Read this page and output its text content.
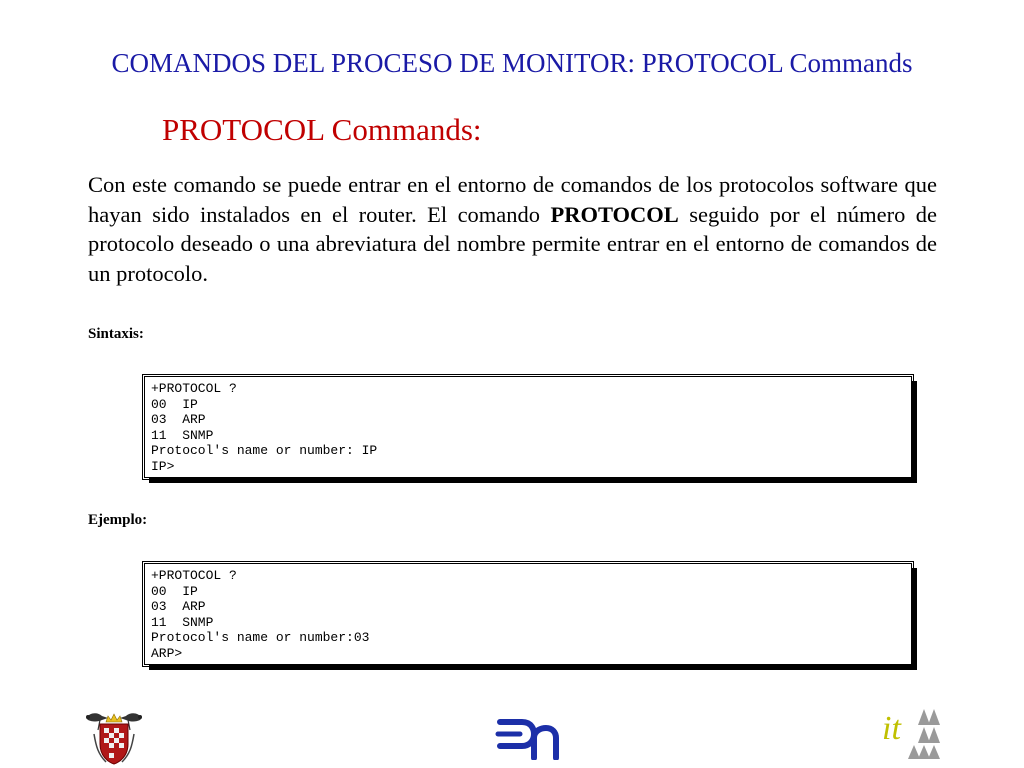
COMANDOS DEL PROCESO DE MONITOR: PROTOCOL Commands
PROTOCOL Commands:
Con este comando se puede entrar en el entorno de comandos de los protocolos software que hayan sido instalados en el router. El comando PROTOCOL seguido por el número de protocolo deseado o una abreviatura del nombre permite entrar en el entorno de comandos de un protocolo.
Sintaxis:
+PROTOCOL ?
00  IP
03  ARP
11  SNMP
Protocol's name or number: IP
IP>
Ejemplo:
+PROTOCOL ?
00  IP
03  ARP
11  SNMP
Protocol's name or number:03
ARP>
it
